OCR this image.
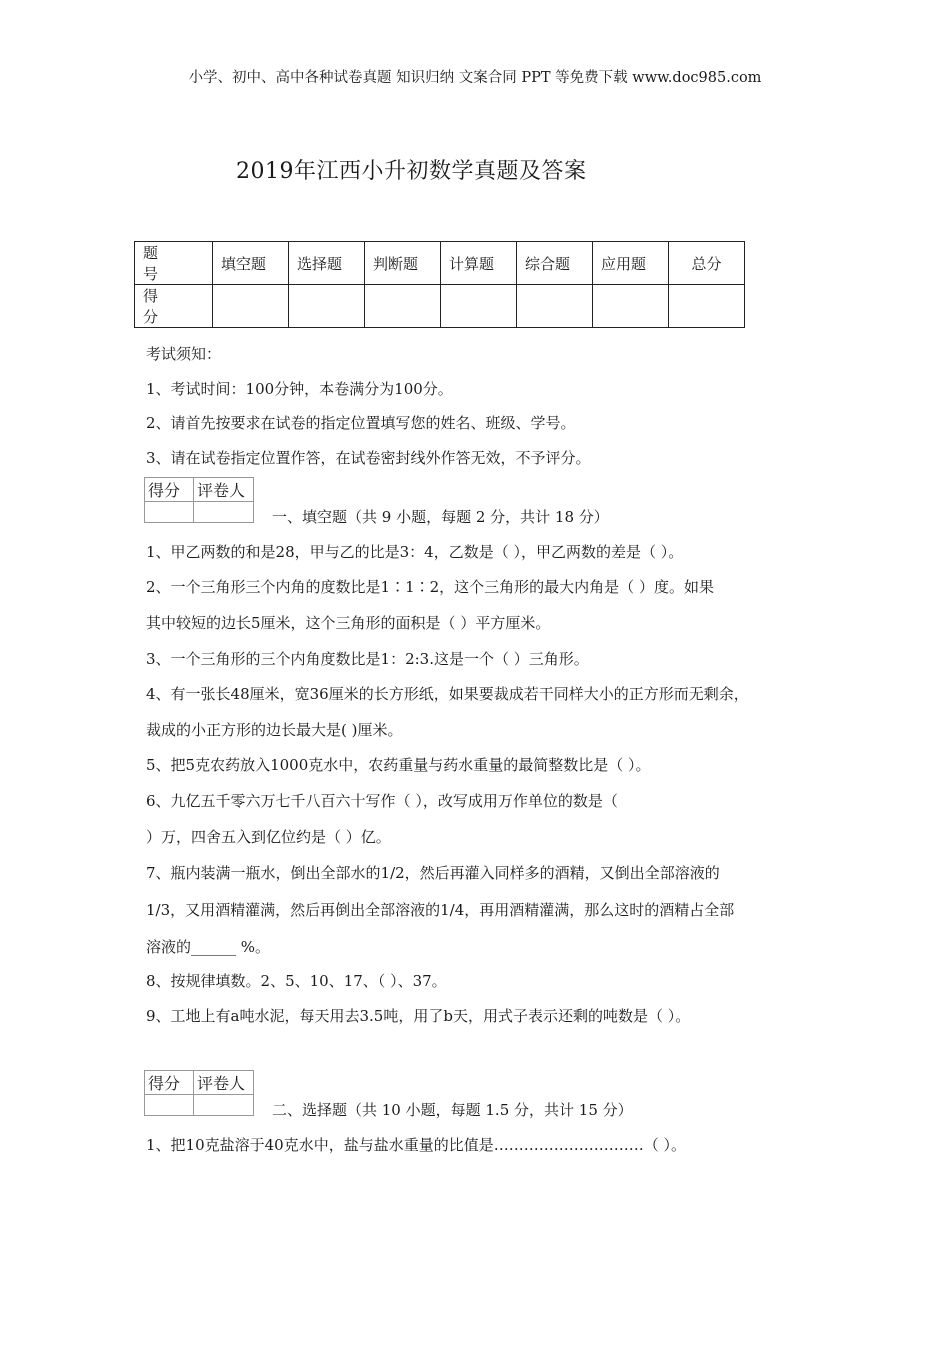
小学、初中、高中各种试卷真题 知识归纳 文案合同 PPT 等免费下载 www.doc985.com
2019年江西小升初数学真题及答案
题 号	填空题	选择题	判断题	计算题	综合题	应用题	总分
得 分							
考试须知：
1、考试时间：100分钟，本卷满分为100分。
2、请首先按要求在试卷的指定位置填写您的姓名、班级、学号。
3、请在试卷指定位置作答，在试卷密封线外作答无效，不予评分。
得分	评卷人

一、填空题（共 9 小题，每题 2 分，共计 18 分）
1、甲乙两数的和是28，甲与乙的比是3：4，乙数是（ ），甲乙两数的差是（ ）。
2、一个三角形三个内角的度数比是1∶1∶2，这个三角形的最大内角是（ ）度。如果
其中较短的边长5厘米，这个三角形的面积是（ ）平方厘米。
3、一个三角形的三个内角度数比是1：2:3.这是一个（ ）三角形。
4、有一张长48厘米，宽36厘米的长方形纸，如果要裁成若干同样大小的正方形而无剩余，
裁成的小正方形的边长最大是( )厘米。
5、把5克农药放入1000克水中，农药重量与药水重量的最简整数比是（ ）。
6、九亿五千零六万七千八百六十写作（ ），改写成用万作单位的数是（
）万，四舍五入到亿位约是（ ）亿。
7、瓶内装满一瓶水，倒出全部水的1/2，然后再灌入同样多的酒精，又倒出全部溶液的
1/3，又用酒精灌满，然后再倒出全部溶液的1/4，再用酒精灌满，那么这时的酒精占全部
溶液的______ %。
8、按规律填数。2、5、10、17、（ ）、37。
9、工地上有a吨水泥，每天用去3.5吨，用了b天，用式子表示还剩的吨数是（ ）。
得分	评卷人

二、选择题（共 10 小题，每题 1.5 分，共计 15 分）
1、把10克盐溶于40克水中，盐与盐水重量的比值是…………………………（ ）。
